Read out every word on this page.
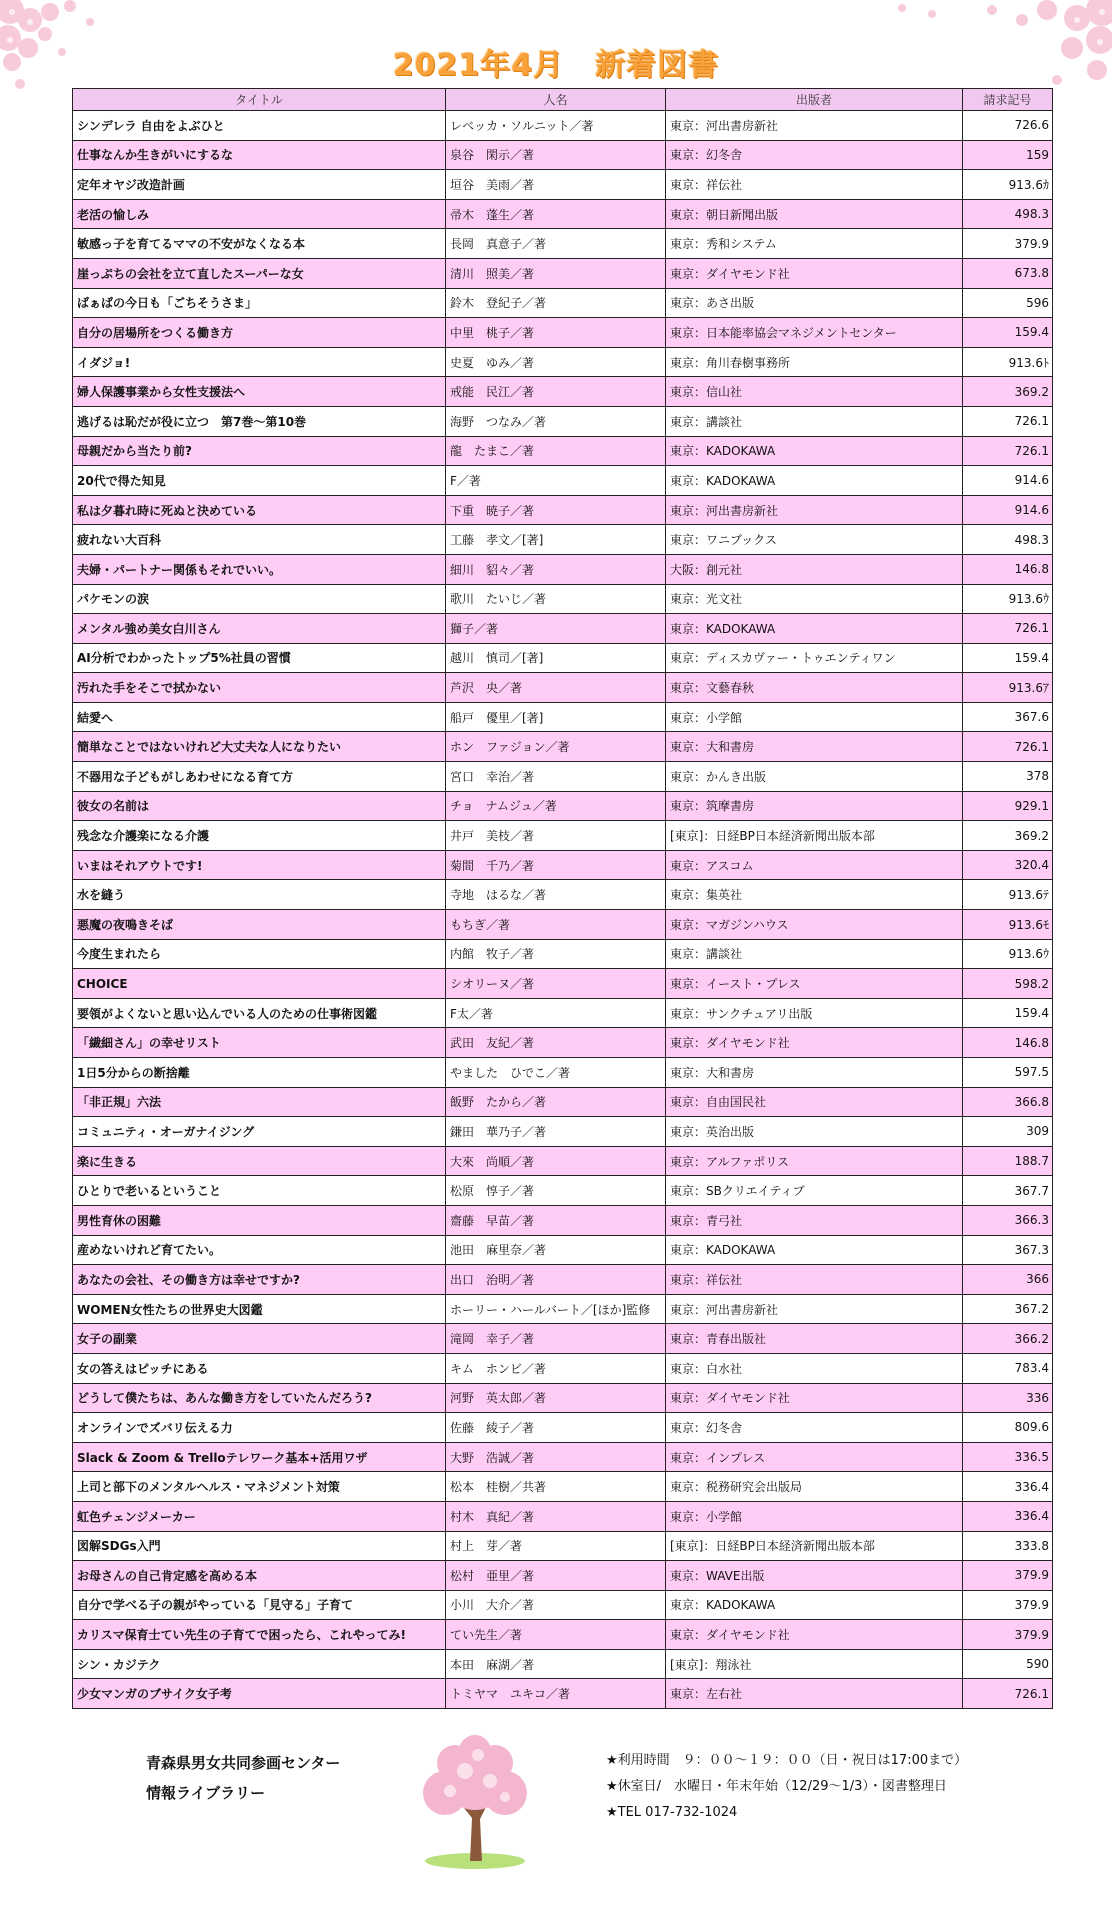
2021年4月　新着図書
タイトル	人名	出版者	請求記号
シンデレラ 自由をよぶひと	レベッカ・ソルニット／著	東京：河出書房新社	726.6
仕事なんか生きがいにするな	泉谷　閑示／著	東京：幻冬舎	159
定年オヤジ改造計画	垣谷　美雨／著	東京：祥伝社	913.6ｶ
老活の愉しみ	帚木　蓬生／著	東京：朝日新聞出版	498.3
敏感っ子を育てるママの不安がなくなる本	長岡　真意子／著	東京：秀和システム	379.9
崖っぷちの会社を立て直したスーパーな女	清川　照美／著	東京：ダイヤモンド社	673.8
ばぁばの今日も「ごちそうさま」	鈴木　登紀子／著	東京：あさ出版	596
自分の居場所をつくる働き方	中里　桃子／著	東京：日本能率協会マネジメントセンター	159.4
イダジョ!	史夏　ゆみ／著	東京：角川春樹事務所	913.6ﾄ
婦人保護事業から女性支援法へ	戒能　民江／著	東京：信山社	369.2
逃げるは恥だが役に立つ　第7巻～第10巻	海野　つなみ／著	東京：講談社	726.1
母親だから当たり前?	龍　たまこ／著	東京：KADOKAWA	726.1
20代で得た知見	F／著	東京：KADOKAWA	914.6
私は夕暮れ時に死ぬと決めている	下重　暁子／著	東京：河出書房新社	914.6
疲れない大百科	工藤　孝文／[著]	東京：ワニブックス	498.3
夫婦・パートナー関係もそれでいい。	細川　貂々／著	大阪：創元社	146.8
パケモンの涙	歌川　たいじ／著	東京：光文社	913.6ｳ
メンタル強め美女白川さん	獅子／著	東京：KADOKAWA	726.1
AI分析でわかったトップ5%社員の習慣	越川　慎司／[著]	東京：ディスカヴァー・トゥエンティワン	159.4
汚れた手をそこで拭かない	芦沢　央／著	東京：文藝春秋	913.6ｱ
結愛へ	船戸　優里／[著]	東京：小学館	367.6
簡単なことではないけれど大丈夫な人になりたい	ホン　ファジョン／著	東京：大和書房	726.1
不器用な子どもがしあわせになる育て方	宮口　幸治／著	東京：かんき出版	378
彼女の名前は	チョ　ナムジュ／著	東京：筑摩書房	929.1
残念な介護楽になる介護	井戸　美枝／著	[東京]：日経BP日本経済新聞出版本部	369.2
いまはそれアウトです!	菊間　千乃／著	東京：アスコム	320.4
水を縫う	寺地　はるな／著	東京：集英社	913.6ﾃ
悪魔の夜鳴きそば	もちぎ／著	東京：マガジンハウス	913.6ﾓ
今度生まれたら	内館　牧子／著	東京：講談社	913.6ｳ
CHOICE	シオリーヌ／著	東京：イースト・プレス	598.2
要領がよくないと思い込んでいる人のための仕事術図鑑	F太／著	東京：サンクチュアリ出版	159.4
「繊細さん」の幸せリスト	武田　友紀／著	東京：ダイヤモンド社	146.8
1日5分からの断捨離	やました　ひでこ／著	東京：大和書房	597.5
「非正規」六法	飯野　たから／著	東京：自由国民社	366.8
コミュニティ・オーガナイジング	鎌田　華乃子／著	東京：英治出版	309
楽に生きる	大來　尚順／著	東京：アルファポリス	188.7
ひとりで老いるということ	松原　惇子／著	東京：SBクリエイティブ	367.7
男性育休の困難	齋藤　早苗／著	東京：青弓社	366.3
産めないけれど育てたい。	池田　麻里奈／著	東京：KADOKAWA	367.3
あなたの会社、その働き方は幸せですか?	出口　治明／著	東京：祥伝社	366
WOMEN女性たちの世界史大図鑑	ホーリー・ハールバート／[ほか]監修	東京：河出書房新社	367.2
女子の副業	滝岡　幸子／著	東京：青春出版社	366.2
女の答えはピッチにある	キム　ホンビ／著	東京：白水社	783.4
どうして僕たちは、あんな働き方をしていたんだろう?	河野　英太郎／著	東京：ダイヤモンド社	336
オンラインでズバリ伝える力	佐藤　綾子／著	東京：幻冬舎	809.6
Slack & Zoom & Trelloテレワーク基本+活用ワザ	大野　浩誠／著	東京：インプレス	336.5
上司と部下のメンタルヘルス・マネジメント対策	松本　桂樹／共著	東京：税務研究会出版局	336.4
虹色チェンジメーカー	村木　真紀／著	東京：小学館	336.4
図解SDGs入門	村上　芽／著	[東京]：日経BP日本経済新聞出版本部	333.8
お母さんの自己肯定感を高める本	松村　亜里／著	東京：WAVE出版	379.9
自分で学べる子の親がやっている「見守る」子育て	小川　大介／著	東京：KADOKAWA	379.9
カリスマ保育士てい先生の子育てで困ったら、これやってみ!	てい先生／著	東京：ダイヤモンド社	379.9
シン・カジテク	本田　麻湖／著	[東京]：翔泳社	590
少女マンガのブサイク女子考	トミヤマ　ユキコ／著	東京：左右社	726.1
青森県男女共同参画センター
情報ライブラリー
★利用時間　９：００～１９：００（日・祝日は17:00まで）
★休室日/　水曜日・年末年始（12/29～1/3）・図書整理日
★TEL 017-732-1024
